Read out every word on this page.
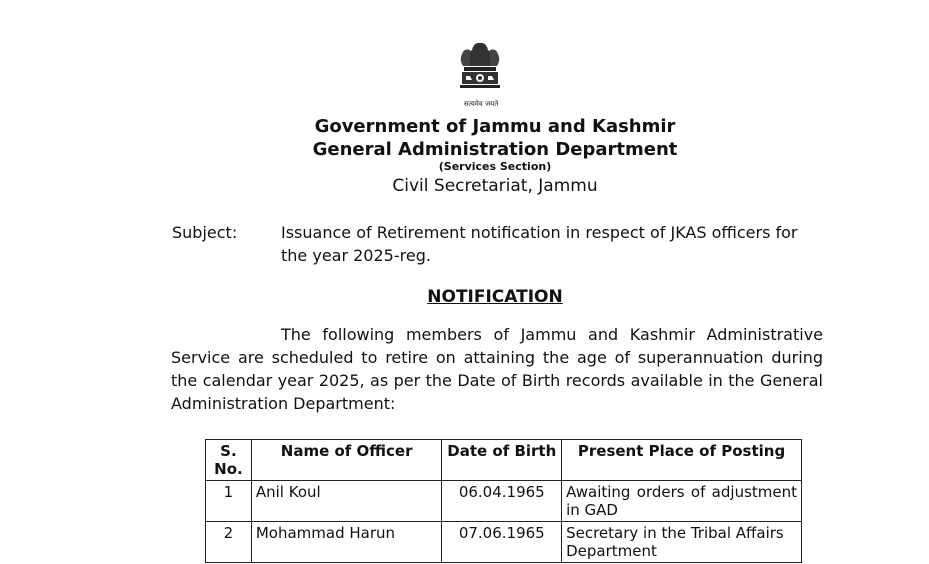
सत्यमेव जयते
Government of Jammu and Kashmir
General Administration Department
(Services Section)
Civil Secretariat, Jammu
Subject:	Issuance of Retirement notification in respect of JKAS officers for the year 2025-reg.
NOTIFICATION
The following members of Jammu and Kashmir Administrative Service are scheduled to retire on attaining the age of superannuation during the calendar year 2025, as per the Date of Birth records available in the General Administration Department:
S. No.	Name of Officer	Date of Birth	Present Place of Posting
1	Anil Koul	06.04.1965	Awaiting orders of adjustment in GAD
2	Mohammad Harun	07.06.1965	Secretary in the Tribal Affairs Department
